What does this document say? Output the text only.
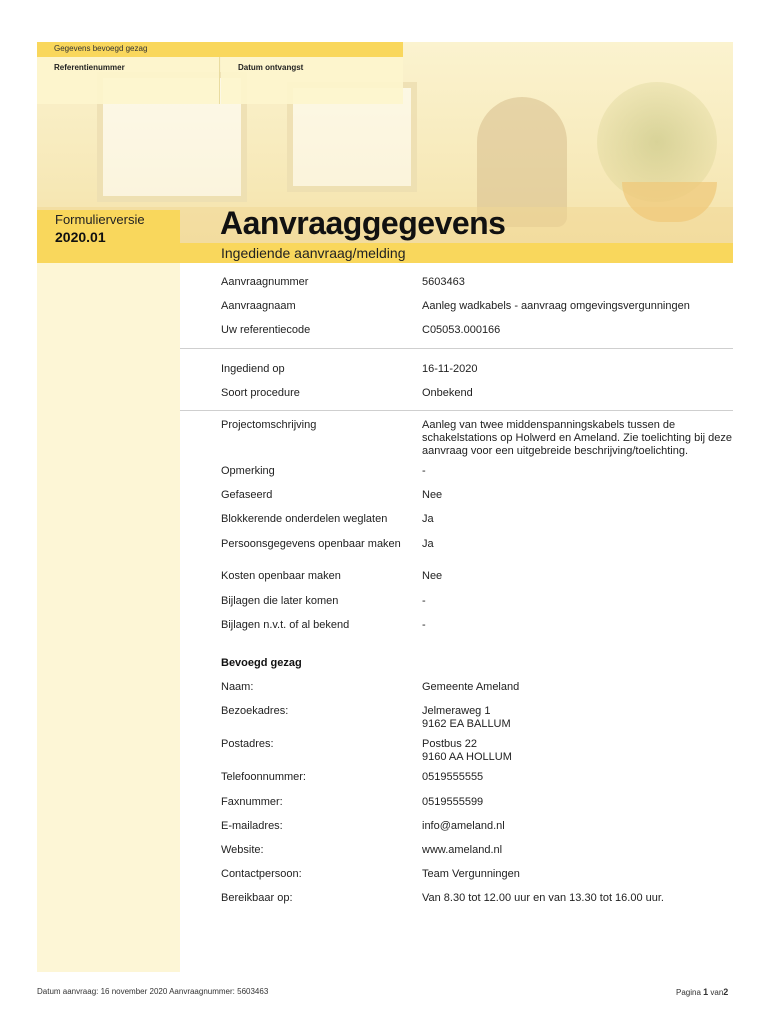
Gegevens bevoegd gezag
Referentienummer	Datum ontvangst
Formulierversie
2020.01	Aanvraaggegevens
Ingediende aanvraag/melding
Aanvraagnummer	5603463
Aanvraagnaam	Aanleg wadkabels - aanvraag omgevingsvergunningen
Uw referentiecode	C05053.000166
Ingediend op	16-11-2020
Soort procedure	Onbekend
Projectomschrijving	Aanleg van twee middenspanningskabels tussen de schakelstations op Holwerd en Ameland. Zie toelichting bij deze aanvraag voor een uitgebreide beschrijving/toelichting.
Opmerking	-
Gefaseerd	Nee
Blokkerende onderdelen weglaten	Ja
Persoonsgegevens openbaar maken	Ja
Kosten openbaar maken	Nee
Bijlagen die later komen	-
Bijlagen n.v.t. of al bekend	-
Bevoegd gezag
Naam:	Gemeente Ameland
Bezoekadres:	Jelmeraweg 1
9162 EA BALLUM
Postadres:	Postbus 22
9160 AA HOLLUM
Telefoonnummer:	0519555555
Faxnummer:	0519555599
E-mailadres:	info@ameland.nl
Website:	www.ameland.nl
Contactpersoon:	Team Vergunningen
Bereikbaar op:	Van 8.30 tot 12.00 uur en van 13.30 tot 16.00 uur.
Datum aanvraag: 16 november 2020 Aanvraagnummer: 5603463	Pagina 1 van2
